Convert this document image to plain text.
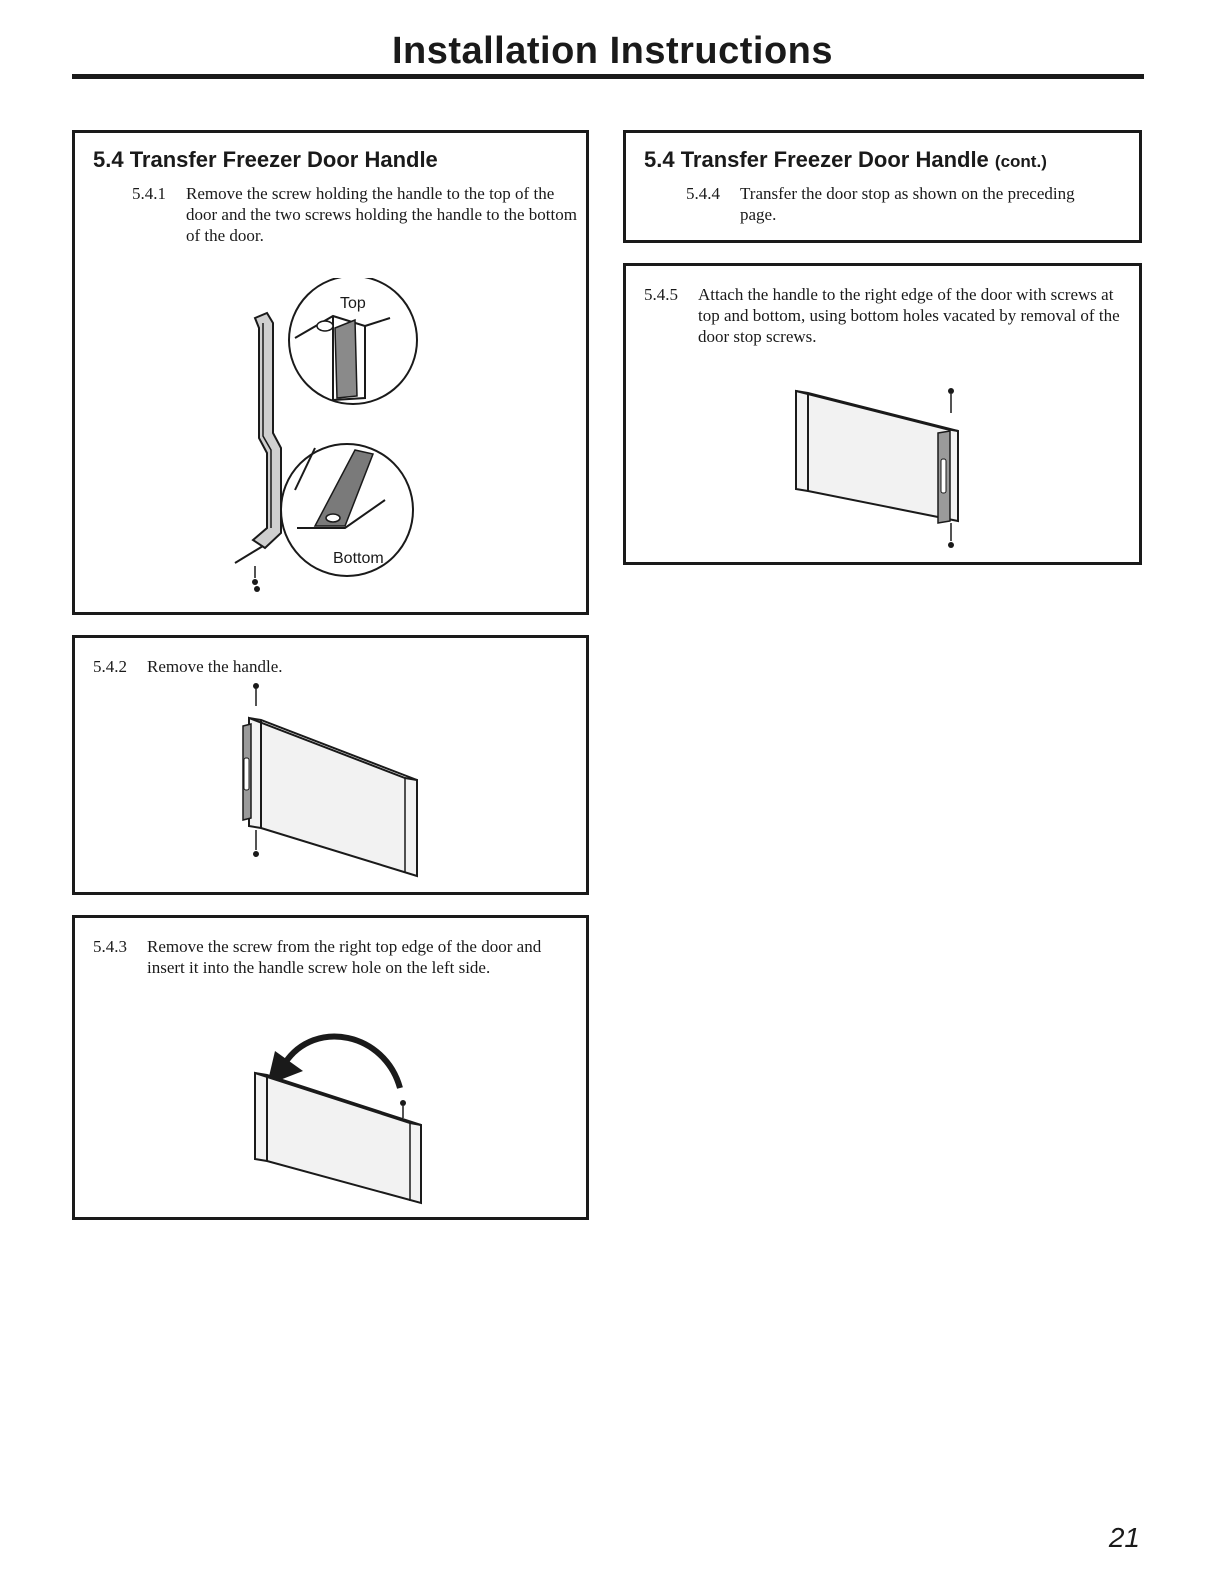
Installation Instructions
5.4 Transfer Freezer Door Handle
5.4.1	Remove the screw holding the handle to the top of the door and the two screws holding the handle to the bottom of the door.
Top
Bottom
5.4.2	Remove the handle.
5.4.3	Remove the screw from the right top edge of the door and insert it into the handle screw hole on the left side.
5.4 Transfer Freezer Door Handle (cont.)
5.4.4	Transfer the door stop as shown on the preceding page.
5.4.5	Attach the handle to the right edge of the door with screws at top and bottom, using bottom holes vacated by removal of the door stop screws.
21
